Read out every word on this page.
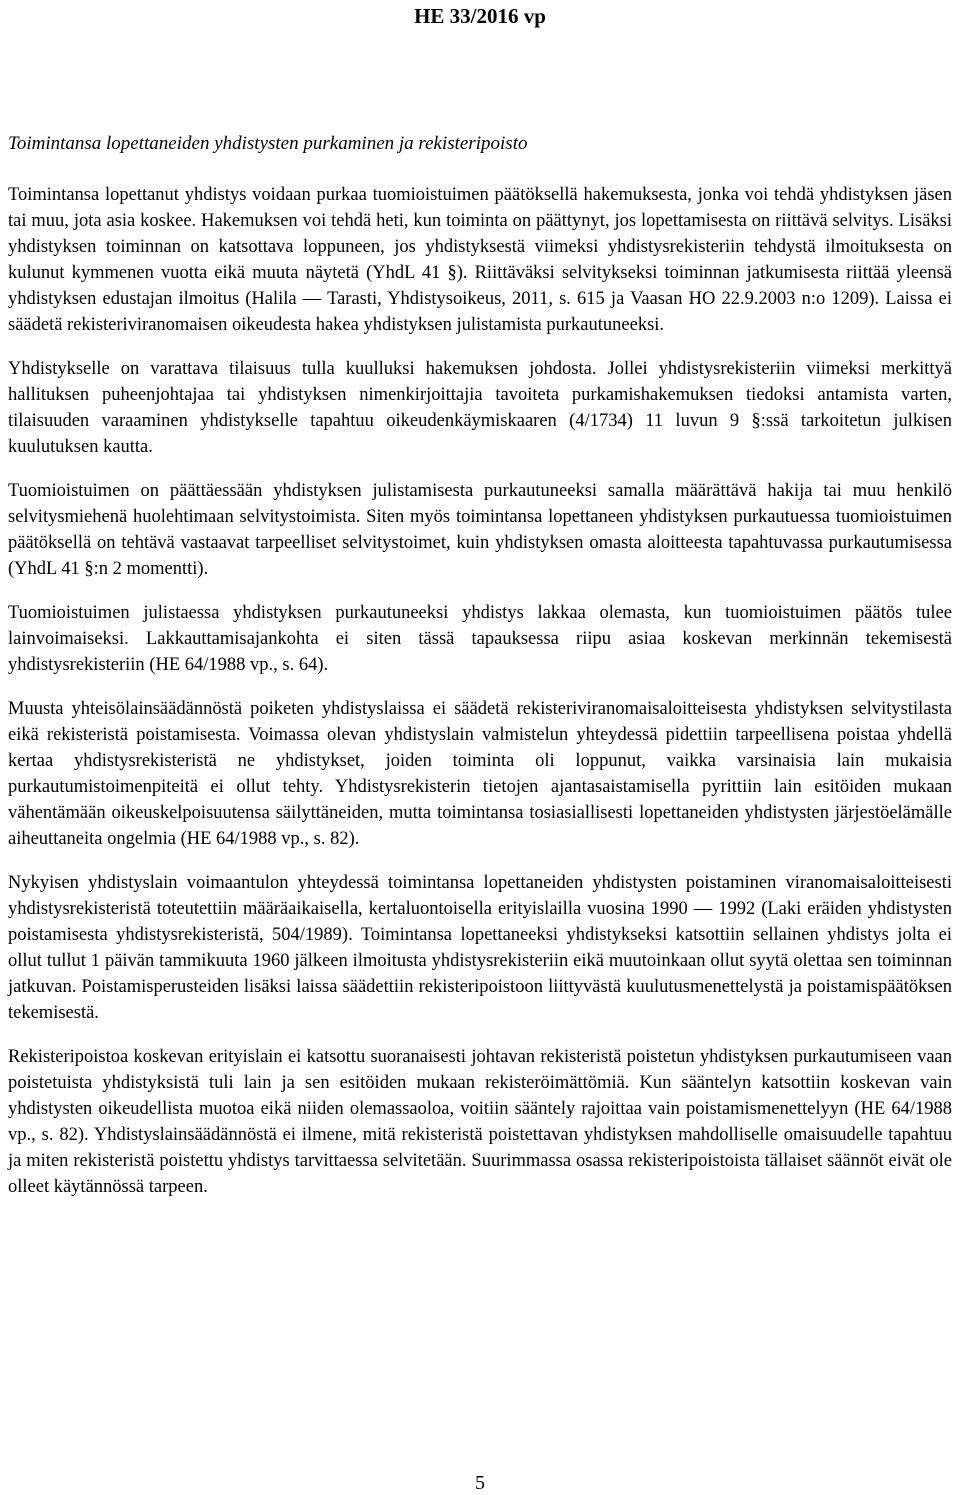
HE 33/2016 vp

Toimintansa lopettaneiden yhdistysten purkaminen ja rekisteripoisto

Toimintansa lopettanut yhdistys voidaan purkaa tuomioistuimen päätöksellä hakemuksesta, jonka voi tehdä yhdistyksen jäsen tai muu, jota asia koskee. Hakemuksen voi tehdä heti, kun toiminta on päättynyt, jos lopettamisesta on riittävä selvitys. Lisäksi yhdistyksen toiminnan on katsottava loppuneen, jos yhdistyksestä viimeksi yhdistysrekisteriin tehdystä ilmoituksesta on kulunut kymmenen vuotta eikä muuta näytetä (YhdL 41 §). Riittäväksi selvitykseksi toiminnan jatkumisesta riittää yleensä yhdistyksen edustajan ilmoitus (Halila — Tarasti, Yhdistysoikeus, 2011, s. 615 ja Vaasan HO 22.9.2003 n:o 1209). Laissa ei säädetä rekisteriviranomaisen oikeudesta hakea yhdistyksen julistamista purkautuneeksi.

Yhdistykselle on varattava tilaisuus tulla kuulluksi hakemuksen johdosta. Jollei yhdistysrekisteriin viimeksi merkittyä hallituksen puheenjohtajaa tai yhdistyksen nimenkirjoittajia tavoiteta purkamishakemuksen tiedoksi antamista varten, tilaisuuden varaaminen yhdistykselle tapahtuu oikeudenkäymiskaaren (4/1734) 11 luvun 9 §:ssä tarkoitetun julkisen kuulutuksen kautta.

Tuomioistuimen on päättäessään yhdistyksen julistamisesta purkautuneeksi samalla määrättävä hakija tai muu henkilö selvitysmiehenä huolehtimaan selvitystoimista. Siten myös toimintansa lopettaneen yhdistyksen purkautuessa tuomioistuimen päätöksellä on tehtävä vastaavat tarpeelliset selvitystoimet, kuin yhdistyksen omasta aloitteesta tapahtuvassa purkautumisessa (YhdL 41 §:n 2 momentti).

Tuomioistuimen julistaessa yhdistyksen purkautuneeksi yhdistys lakkaa olemasta, kun tuomioistuimen päätös tulee lainvoimaiseksi. Lakkauttamisajankohta ei siten tässä tapauksessa riipu asiaa koskevan merkinnän tekemisestä yhdistysrekisteriin (HE 64/1988 vp., s. 64).

Muusta yhteisölainsäädännöstä poiketen yhdistyslaissa ei säädetä rekisteriviranomaisaloitteisesta yhdistyksen selvitystilasta eikä rekisteristä poistamisesta. Voimassa olevan yhdistyslain valmistelun yhteydessä pidettiin tarpeellisena poistaa yhdellä kertaa yhdistysrekisteristä ne yhdistykset, joiden toiminta oli loppunut, vaikka varsinaisia lain mukaisia purkautumistoimenpiteitä ei ollut tehty. Yhdistysrekisterin tietojen ajantasaistamisella pyrittiin lain esitöiden mukaan vähentämään oikeuskelpoisuutensa säilyttäneiden, mutta toimintansa tosiasiallisesti lopettaneiden yhdistysten järjestöelämälle aiheuttaneita ongelmia (HE 64/1988 vp., s. 82).

Nykyisen yhdistyslain voimaantulon yhteydessä toimintansa lopettaneiden yhdistysten poistaminen viranomaisaloitteisesti yhdistysrekisteristä toteutettiin määräaikaisella, kertaluontoisella erityislailla vuosina 1990 — 1992 (Laki eräiden yhdistysten poistamisesta yhdistysrekisteristä, 504/1989). Toimintansa lopettaneeksi yhdistykseksi katsottiin sellainen yhdistys jolta ei ollut tullut 1 päivän tammikuuta 1960 jälkeen ilmoitusta yhdistysrekisteriin eikä muutoinkaan ollut syytä olettaa sen toiminnan jatkuvan. Poistamisperusteiden lisäksi laissa säädettiin rekisteripoistoon liittyvästä kuulutusmenettelystä ja poistamispäätöksen tekemisestä.

Rekisteripoistoa koskevan erityislain ei katsottu suoranaisesti johtavan rekisteristä poistetun yhdistyksen purkautumiseen vaan poistetuista yhdistyksistä tuli lain ja sen esitöiden mukaan rekisteröimättömiä. Kun sääntelyn katsottiin koskevan vain yhdistysten oikeudellista muotoa eikä niiden olemassaoloa, voitiin sääntely rajoittaa vain poistamismenettelyyn (HE 64/1988 vp., s. 82). Yhdistyslainsäädännöstä ei ilmene, mitä rekisteristä poistettavan yhdistyksen mahdolliselle omaisuudelle tapahtuu ja miten rekisteristä poistettu yhdistys tarvittaessa selvitetään. Suurimmassa osassa rekisteripoistoista tällaiset säännöt eivät ole olleet käytännössä tarpeen.

5
